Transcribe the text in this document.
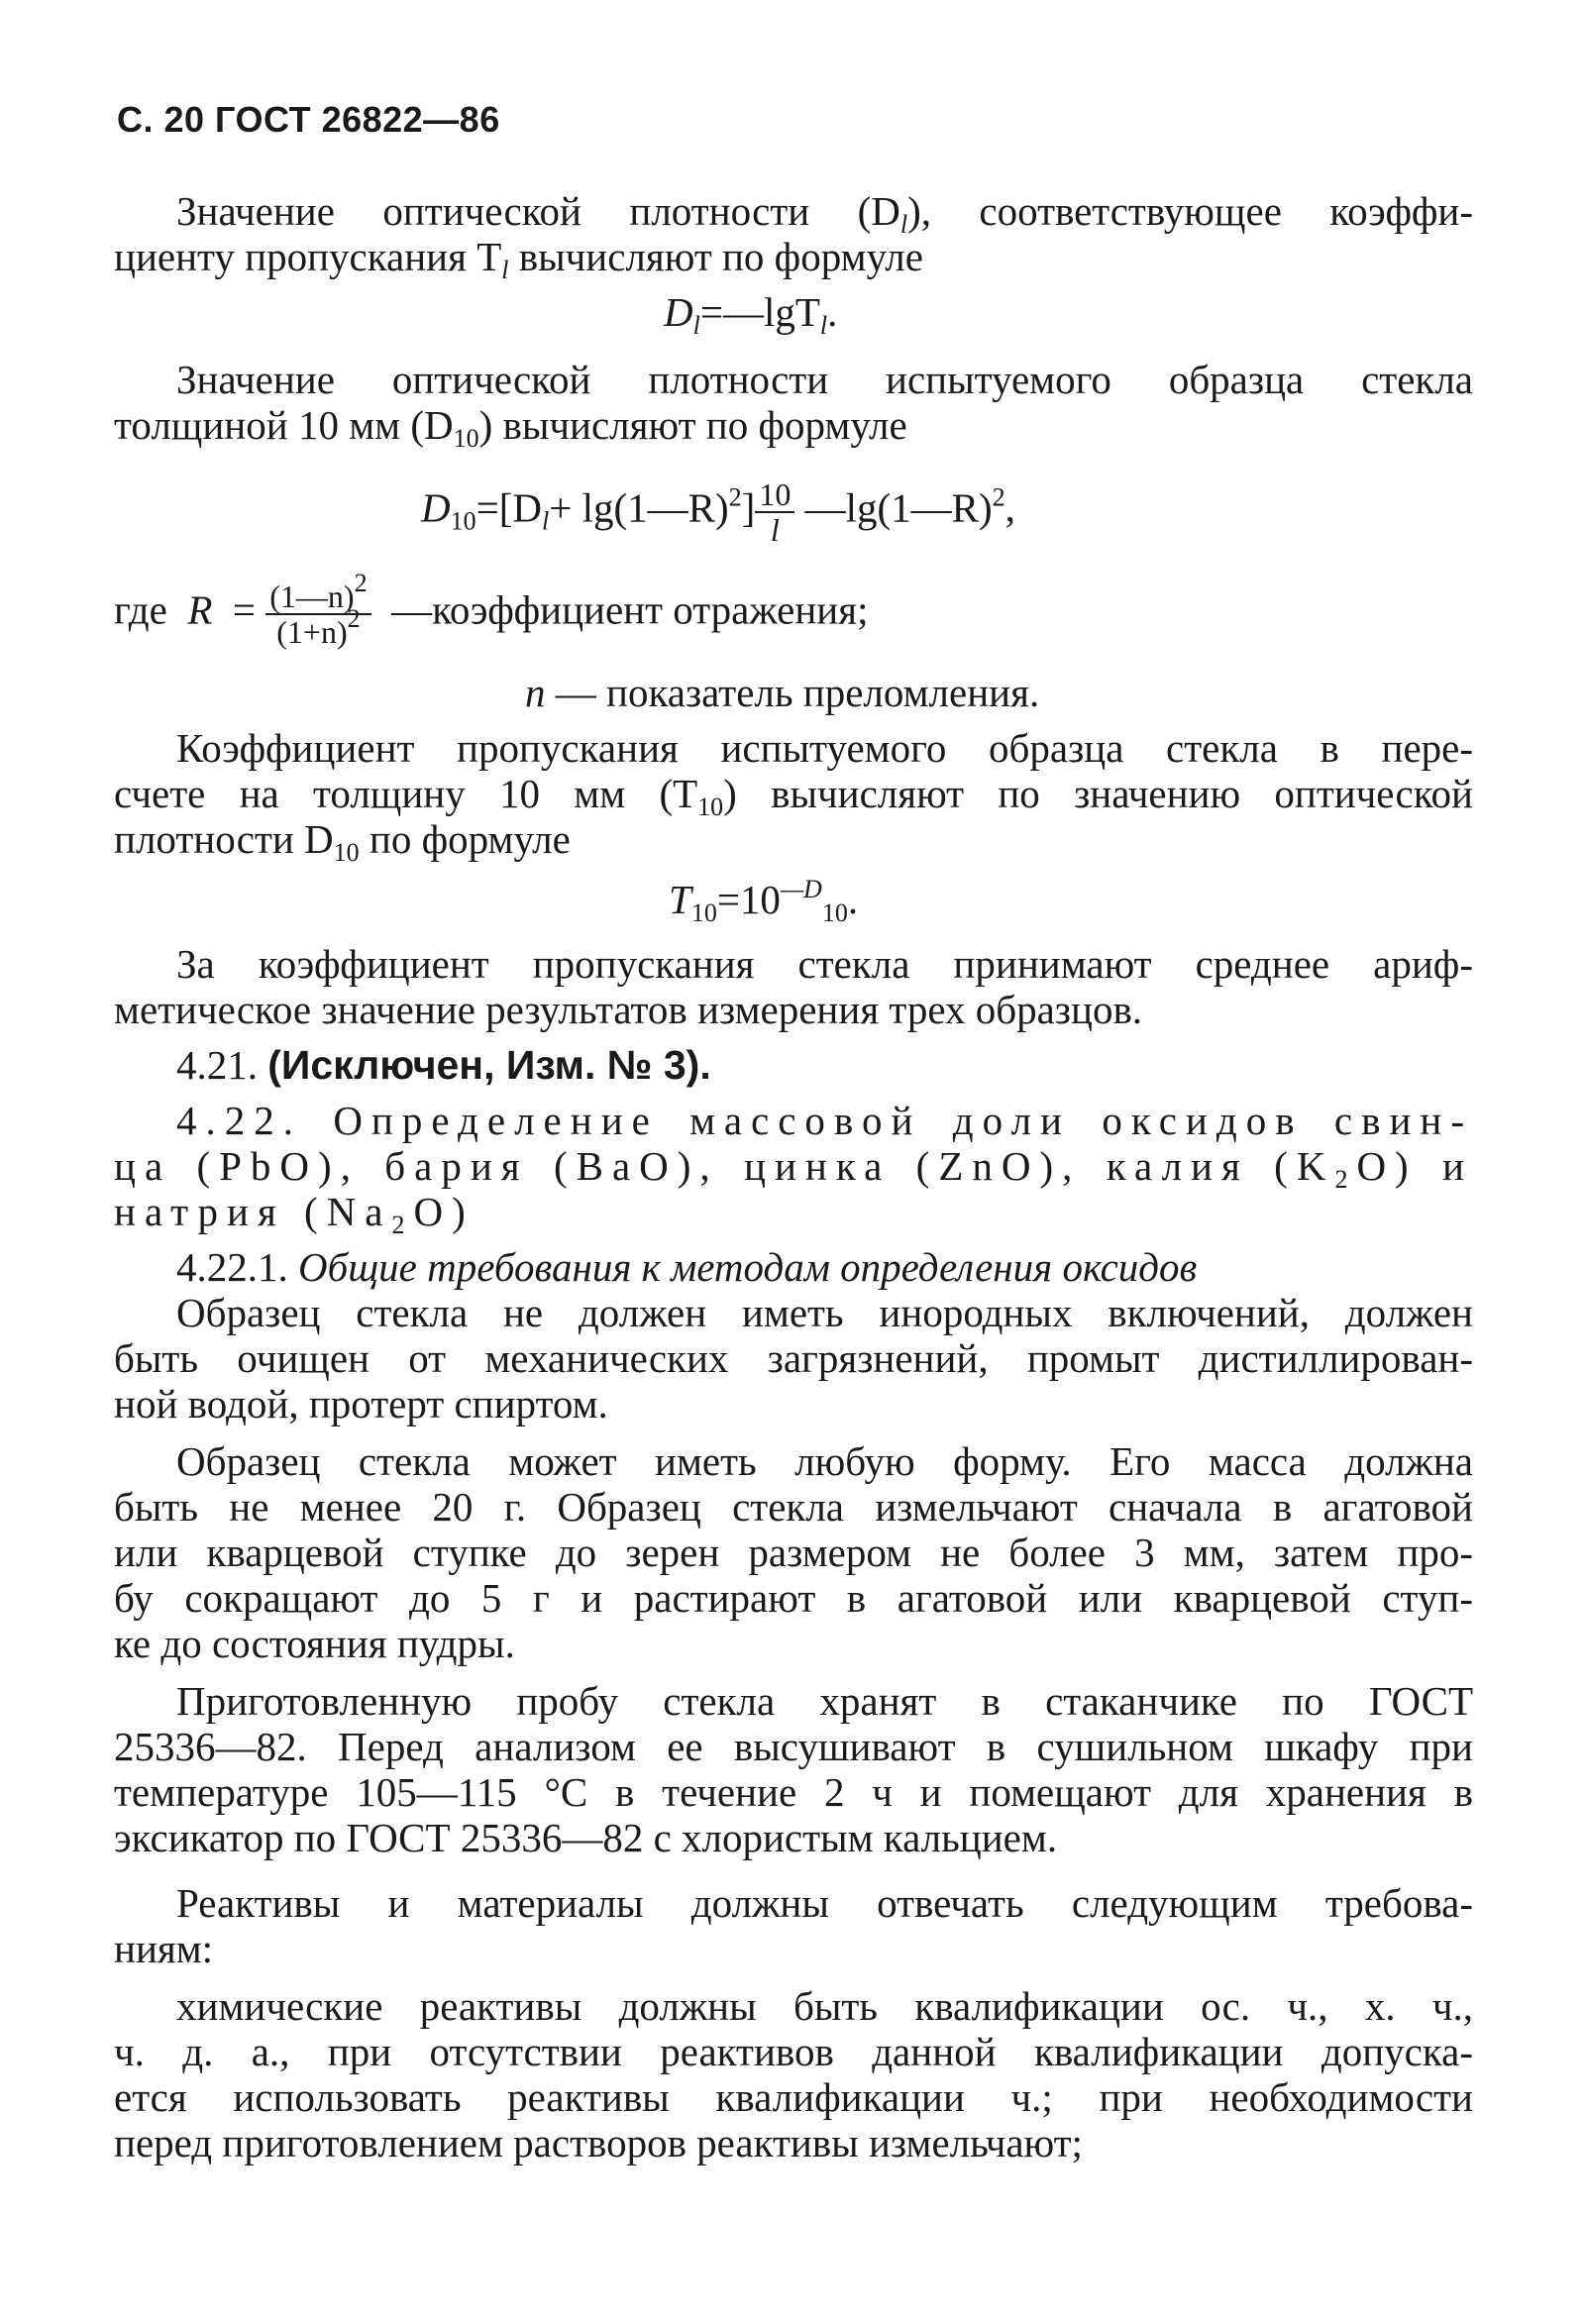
С. 20 ГОСТ 26822—86
Значение оптической плотности $(D_l)$, соответствующее коэффи-
циенту пропускания $T_l$ вычисляют по формуле
$D_l=—\lg T_l$.
Значение оптической плотности испытуемого образца стекла
толщиной 10 мм $(D_{10})$ вычисляют по формуле
$D_{10}=[D_l+$ lg(1—R)$^2$] $\frac{10}{l}$ —lg(1—R)$^2$,
где $R = \frac{(1—n)^2}{(1+n)^2}$ —коэффициент отражения;
n — показатель преломления.
Коэффициент пропускания испытуемого образца стекла в пере-
счете на толщину 10 мм $(T_{10})$ вычисляют по значению оптической
плотности $D_{10}$ по формуле
$T_{10}=10^{—D}_{10}$.
За коэффициент пропускания стекла принимают среднее ариф-
метическое значение результатов измерения трех образцов.
4.21. (Исключен, Изм. № 3).
4.22. Определение массовой доли оксидов свин-
ца (PbO), бария (BaO), цинка (ZnO), калия $(K_2O)$ и
натрия $(Na_2O)$
4.22.1. Общие требования к методам определения оксидов
Образец стекла не должен иметь инородных включений, должен
быть очищен от механических загрязнений, промыт дистиллирован-
ной водой, протерт спиртом.
Образец стекла может иметь любую форму. Его масса должна
быть не менее 20 г. Образец стекла измельчают сначала в агатовой
или кварцевой ступке до зерен размером не более 3 мм, затем про-
бу сокращают до 5 г и растирают в агатовой или кварцевой ступ-
ке до состояния пудры.
Приготовленную пробу стекла хранят в стаканчике по ГОСТ
25336—82. Перед анализом ее высушивают в сушильном шкафу при
температуре 105—115 °С в течение 2 ч и помещают для хранения в
эксикатор по ГОСТ 25336—82 с хлористым кальцием.
Реактивы и материалы должны отвечать следующим требова-
ниям:
химические реактивы должны быть квалификации ос. ч., х. ч.,
ч. д. а., при отсутствии реактивов данной квалификации допуска-
ется использовать реактивы квалификации ч.; при необходимости
перед приготовлением растворов реактивы измельчают;
